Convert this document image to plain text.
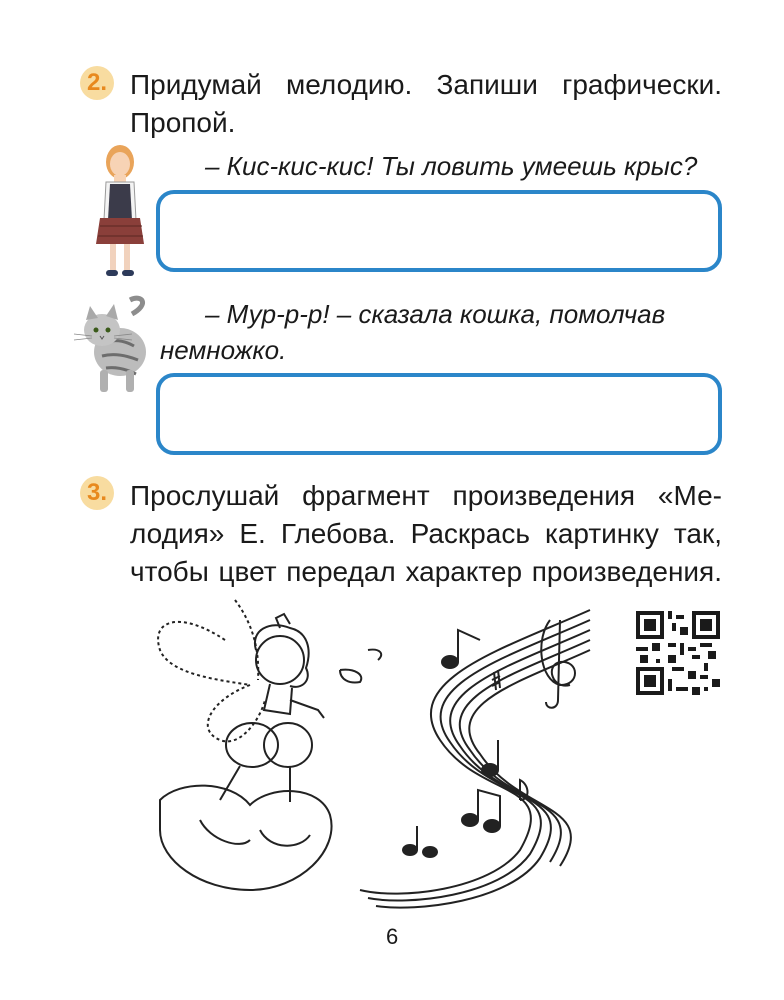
2. Придумай мелодию. Запиши графически.
Пропой.
– Кис-кис-кис! Ты ловить умеешь крыс?
– Мур-р-р! – сказала кошка, помолчав
немножко.
3. Прослушай фрагмент произведения «Ме-
лодия» Е. Глебова. Раскрась картинку так,
чтобы цвет передал характер произведения.
6
